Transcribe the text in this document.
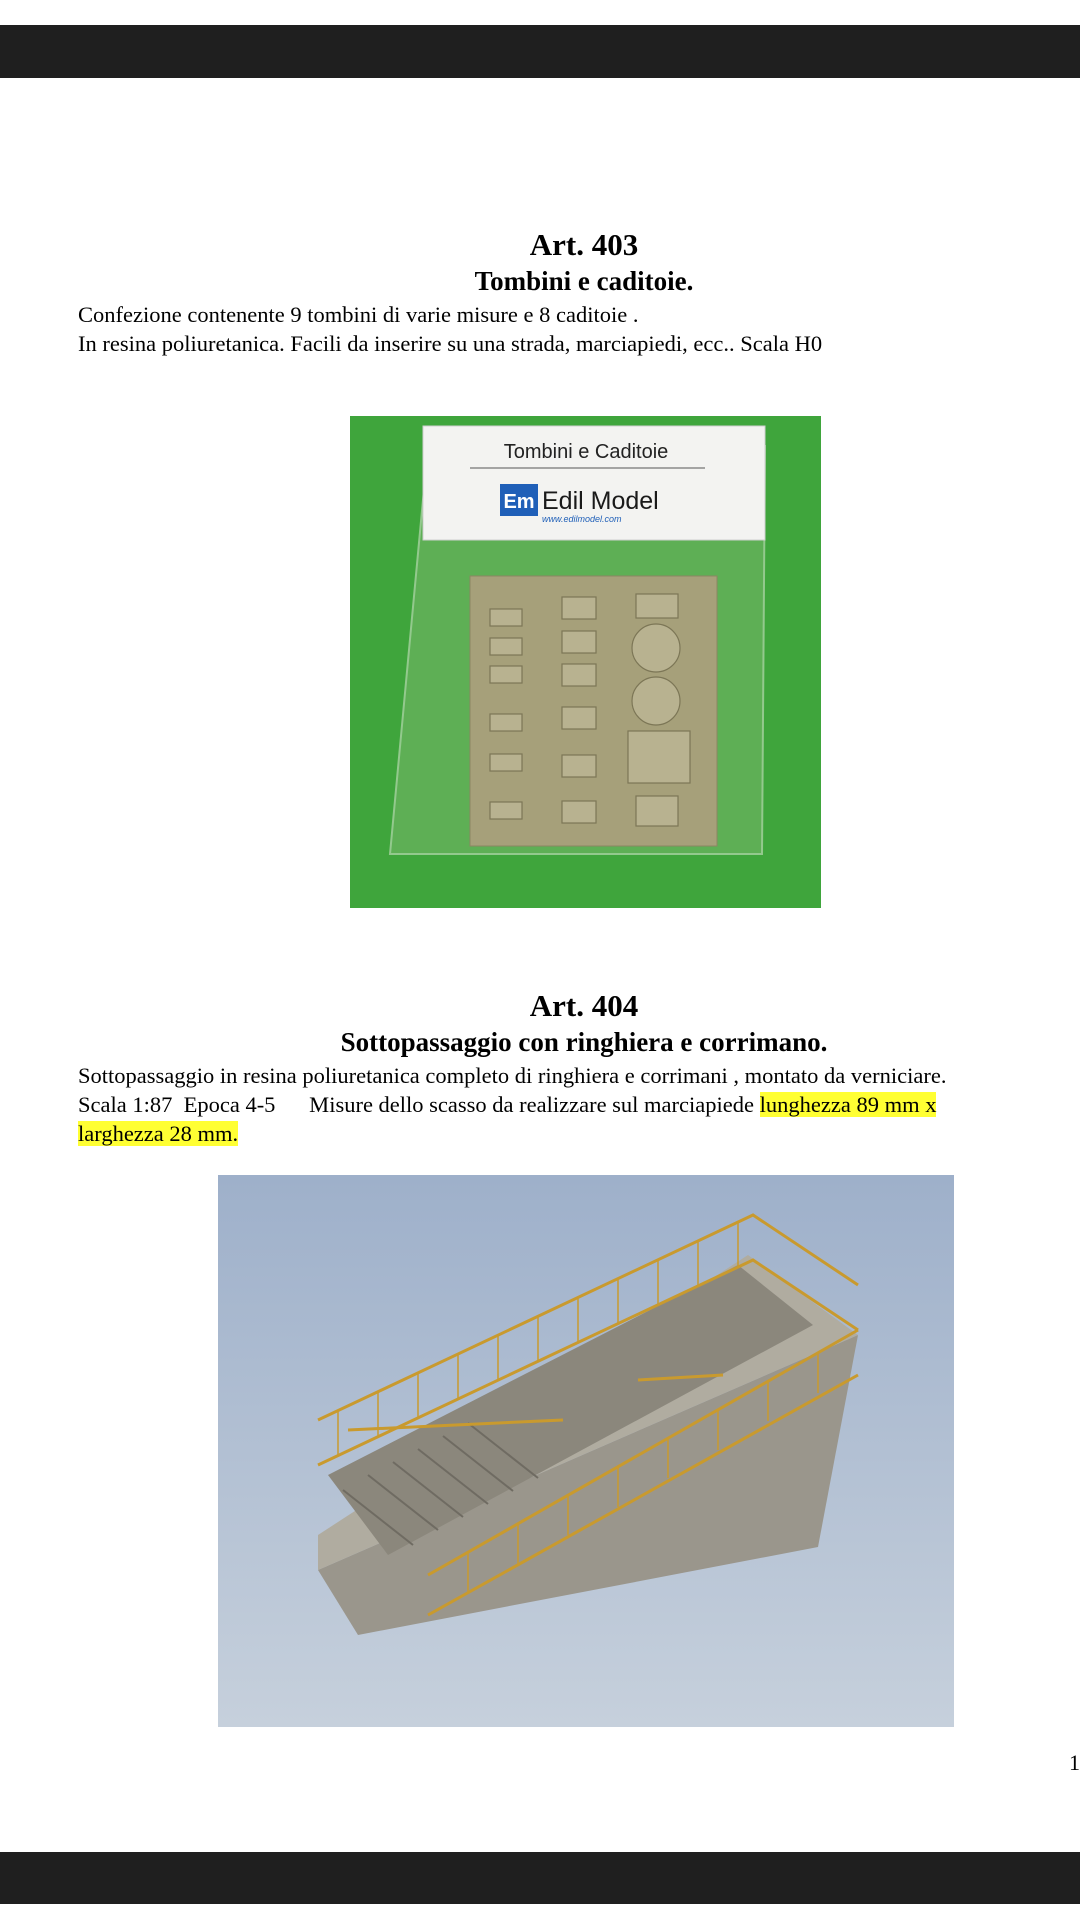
Art. 403
Tombini e caditoie.
Confezione contenente 9 tombini di varie misure e 8 caditoie .
In resina poliuretanica. Facili da inserire su una strada, marciapiedi, ecc.. Scala H0
Tombini e Caditoie
Em Edil Model
www.edilmodel.com
Art. 404
Sottopassaggio con ringhiera e corrimano.
Sottopassaggio in resina poliuretanica completo di ringhiera e corrimani , montato da verniciare.
Scala 1:87  Epoca 4-5      Misure dello scasso da realizzare sul marciapiede lunghezza 89 mm x
larghezza 28 mm.
1
